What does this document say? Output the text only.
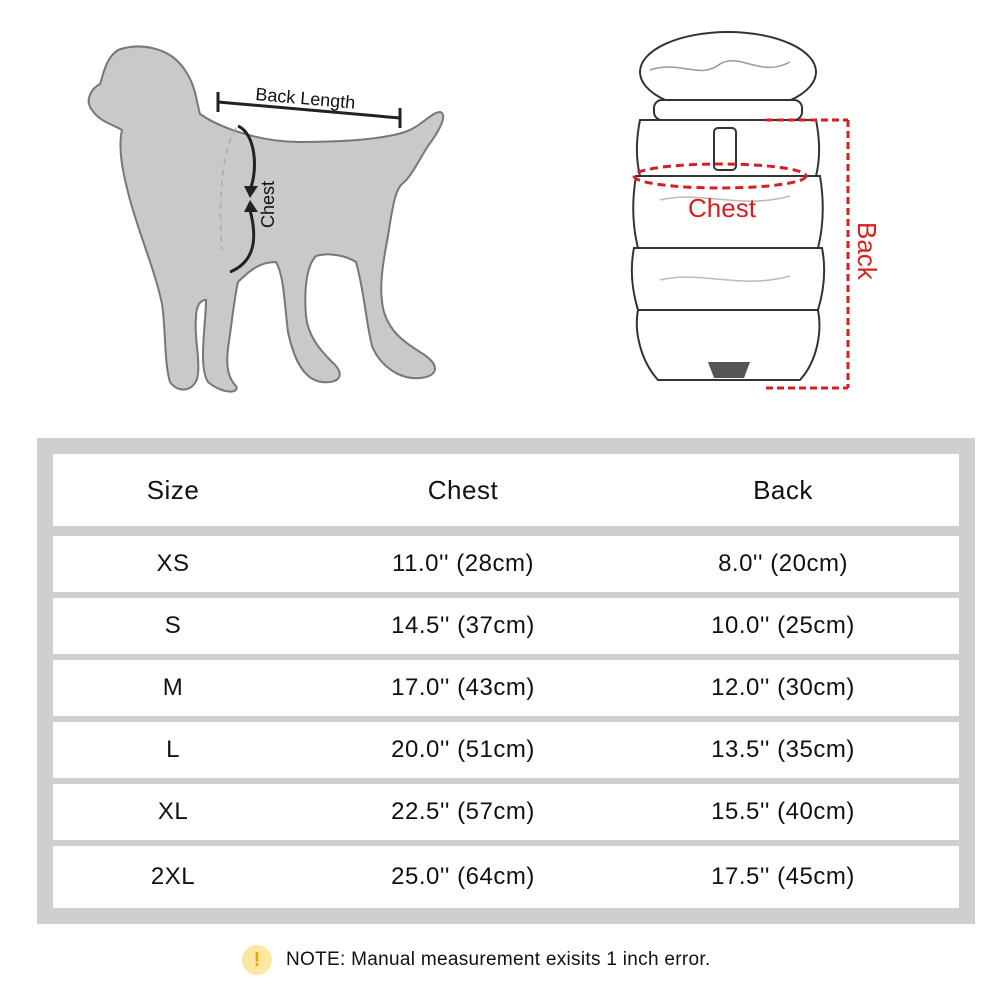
Back Length
Chest	Chest
Back
Size	Chest	Back
XS	11.0'' (28cm)	8.0'' (20cm)
S	14.5'' (37cm)	10.0'' (25cm)
M	17.0'' (43cm)	12.0'' (30cm)
L	20.0'' (51cm)	13.5'' (35cm)
XL	22.5'' (57cm)	15.5'' (40cm)
2XL	25.0'' (64cm)	17.5'' (45cm)
!	NOTE: Manual measurement exisits 1 inch error.
